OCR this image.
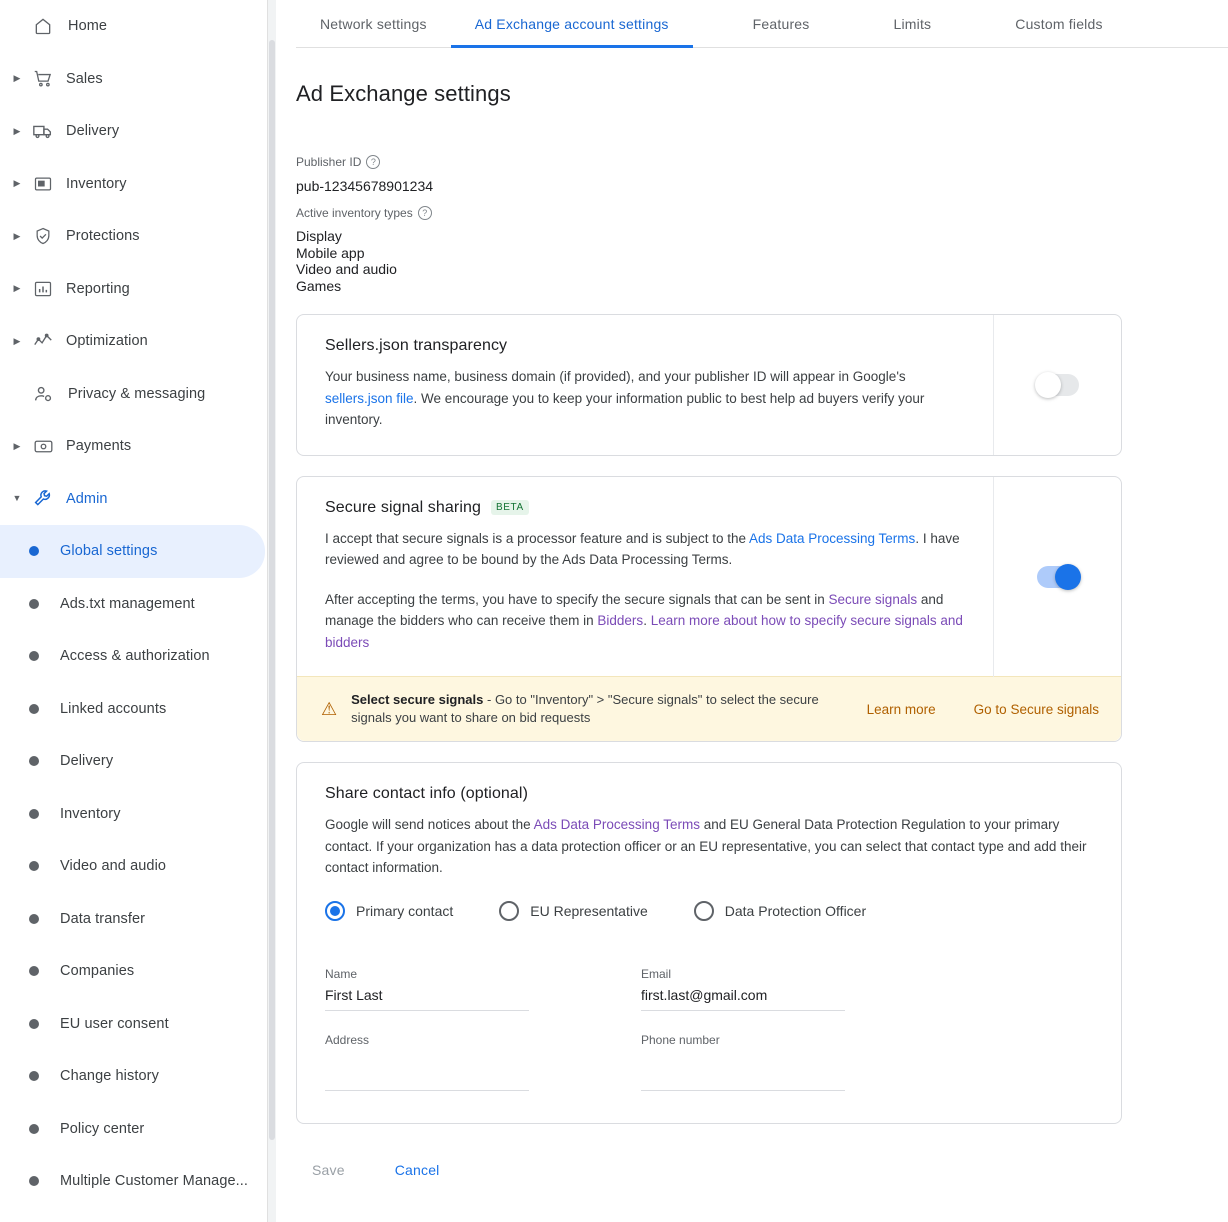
Home
▶	Sales
▶	Delivery
▶	Inventory
▶	Protections
▶	Reporting
▶	Optimization
Privacy & messaging
▶	Payments
▼	Admin
Global settings
Ads.txt management
Access & authorization
Linked accounts
Delivery
Inventory
Video and audio
Data transfer
Companies
EU user consent
Change history
Policy center
Multiple Customer Manage...
Network settings	Ad Exchange account settings	Features	Limits	Custom fields
Ad Exchange settings
Publisher ID	?
pub-12345678901234
Active inventory types	?
Display
Mobile app
Video and audio
Games
Sellers.json transparency
Your business name, business domain (if provided), and your publisher ID will appear in Google's sellers.json file. We encourage you to keep your information public to best help ad buyers verify your inventory.
Secure signal sharing	BETA
I accept that secure signals is a processor feature and is subject to the Ads Data Processing Terms. I have reviewed and agree to be bound by the Ads Data Processing Terms.
After accepting the terms, you have to specify the secure signals that can be sent in Secure signals and manage the bidders who can receive them in Bidders. Learn more about how to specify secure signals and bidders
⚠ Select secure signals - Go to "Inventory" > "Secure signals" to select the secure signals you want to share on bid requests
Learn more	Go to Secure signals
Share contact info (optional)
Google will send notices about the Ads Data Processing Terms and EU General Data Protection Regulation to your primary contact. If your organization has a data protection officer or an EU representative, you can select that contact type and add their contact information.
Primary contact	EU Representative	Data Protection Officer
Name
First Last	Email
first.last@gmail.com
Address	Phone number
Save	Cancel
